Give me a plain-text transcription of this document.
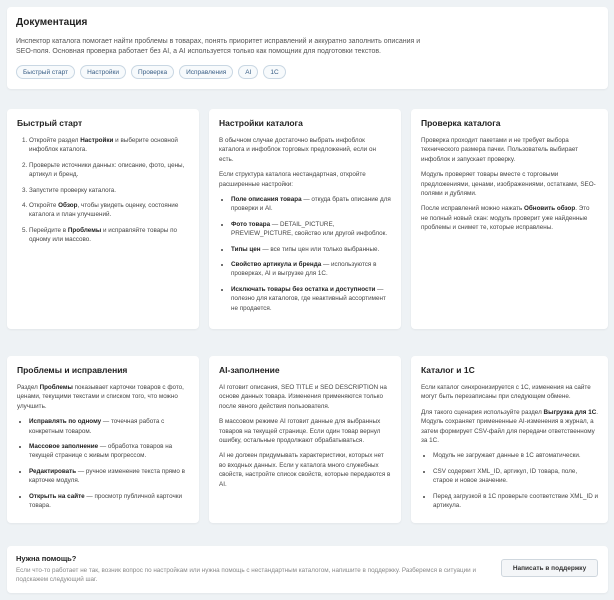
Документация

Инспектор каталога помогает найти проблемы в товарах, понять приоритет исправлений и аккуратно заполнить описания и
SEO-поля. Основная проверка работает без AI, а AI используется только как помощник для подготовки текстов.

Быстрый старт	Настройки	Проверка	Исправления	AI	1С
Быстрый старт
1. Откройте раздел Настройки и выберите основной инфоблок каталога.
2. Проверьте источники данных: описание, фото, цены, артикул и бренд.
3. Запустите проверку каталога.
4. Откройте Обзор, чтобы увидеть оценку, состояние каталога и план улучшений.
5. Перейдите в Проблемы и исправляйте товары по одному или массово.
Настройки каталога

В обычном случае достаточно выбрать инфоблок каталога и инфоблок торговых предложений, если он есть.

Если структура каталога нестандартная, откройте расширенные настройки:

• Поле описания товара — откуда брать описание для проверки и AI.
• Фото товара — DETAIL_PICTURE, PREVIEW_PICTURE, свойство или другой инфоблок.
• Типы цен — все типы цен или только выбранные.
• Свойство артикула и бренда — используются в проверках, AI и выгрузке для 1С.
• Исключать товары без остатка и доступности — полезно для каталогов, где неактивный ассортимент не продается.
Проверка каталога

Проверка проходит пакетами и не требует выбора технического размера пачки. Пользователь выбирает инфоблок и запускает проверку.

Модуль проверяет товары вместе с торговыми предложениями, ценами, изображениями, остатками, SEO-полями и дублями.

После исправлений можно нажать Обновить обзор. Это не полный новый скан: модуль проверит уже найденные проблемы и снимет те, которые исправлены.

Проблемы и исправления

Раздел Проблемы показывает карточки товаров с фото, ценами, текущими текстами и списком того, что можно улучшить.

• Исправлять по одному — точечная работа с конкретным товаром.
• Массовое заполнение — обработка товаров на текущей странице с живым прогрессом.
• Редактировать — ручное изменение текста прямо в карточке модуля.
• Открыть на сайте — просмотр публичной карточки товара.
AI-заполнение

AI готовит описания, SEO TITLE и SEO DESCRIPTION на основе данных товара. Изменения применяются только после явного действия пользователя.

В массовом режиме AI готовит данные для выбранных товаров на текущей странице. Если один товар вернул ошибку, остальные продолжают обрабатываться.

AI не должен придумывать характеристики, которых нет во входных данных. Если у каталога много служебных свойств, настройте список свойств, которые передаются в AI.

Каталог и 1С

Если каталог синхронизируется с 1С, изменения на сайте могут быть перезаписаны при следующем обмене.

Для такого сценария используйте раздел Выгрузка для 1С. Модуль сохраняет примененные AI-изменения в журнал, а затем формирует CSV-файл для передачи ответственному за 1С.

• Модуль не загружает данные в 1С автоматически.
• CSV содержит XML_ID, артикул, ID товара, поле, старое и новое значение.
• Перед загрузкой в 1С проверьте соответствие XML_ID и артикула.
Нужна помощь?

Если что-то работает не так, возник вопрос по настройкам или нужна помощь с нестандартным каталогом, напишите в поддержку. Разберемся в ситуации и подскажем следующий шаг.

Написать в поддержку
